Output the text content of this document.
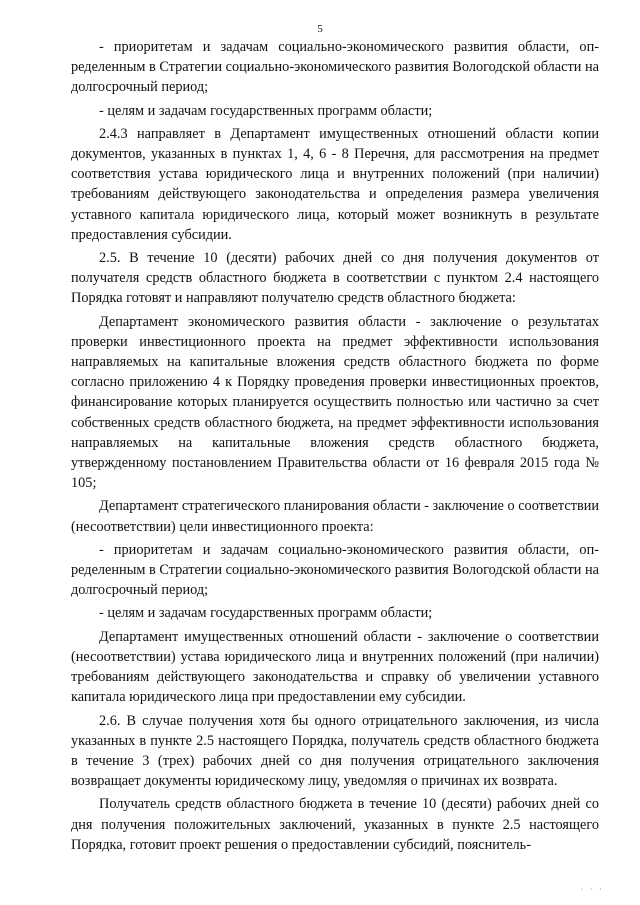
5

- приоритетам и задачам социально-экономического развития области, определенным в Стратегии социально-экономического развития Вологодской области на долгосрочный период;

- целям и задачам государственных программ области;

2.4.3 направляет в Департамент имущественных отношений области копии документов, указанных в пунктах 1, 4, 6 - 8 Перечня, для рассмотрения на предмет соответствия устава юридического лица и внутренних положений (при наличии) требованиям действующего законодательства и определения размера увеличения уставного капитала юридического лица, который может возникнуть в результате предоставления субсидии.

2.5. В течение 10 (десяти) рабочих дней со дня получения документов от получателя средств областного бюджета в соответствии с пунктом 2.4 настоящего Порядка готовят и направляют получателю средств областного бюджета:

Департамент экономического развития области - заключение о результатах проверки инвестиционного проекта на предмет эффективности использования направляемых на капитальные вложения средств областного бюджета по форме согласно приложению 4 к Порядку проведения проверки инвестиционных проектов, финансирование которых планируется осуществить полностью или частично за счет собственных средств областного бюджета, на предмет эффективности использования направляемых на капитальные вложения средств областного бюджета, утвержденному постановлением Правительства области от 16 февраля 2015 года № 105;

Департамент стратегического планирования области - заключение о соответствии (несоответствии) цели инвестиционного проекта:

- приоритетам и задачам социально-экономического развития области, определенным в Стратегии социально-экономического развития Вологодской области на долгосрочный период;

- целям и задачам государственных программ области;

Департамент имущественных отношений области - заключение о соответствии (несоответствии) устава юридического лица и внутренних положений (при наличии) требованиям действующего законодательства и справку об увеличении уставного капитала юридического лица при предоставлении ему субсидии.

2.6. В случае получения хотя бы одного отрицательного заключения, из числа указанных в пункте 2.5 настоящего Порядка, получатель средств областного бюджета в течение 3 (трех) рабочих дней со дня получения отрицательного заключения возвращает документы юридическому лицу, уведомляя о причинах их возврата.

Получатель средств областного бюджета в течение 10 (десяти) рабочих дней со дня получения положительных заключений, указанных в пункте 2.5 настоящего Порядка, готовит проект решения о предоставлении субсидий, пояснитель-

· · ·
